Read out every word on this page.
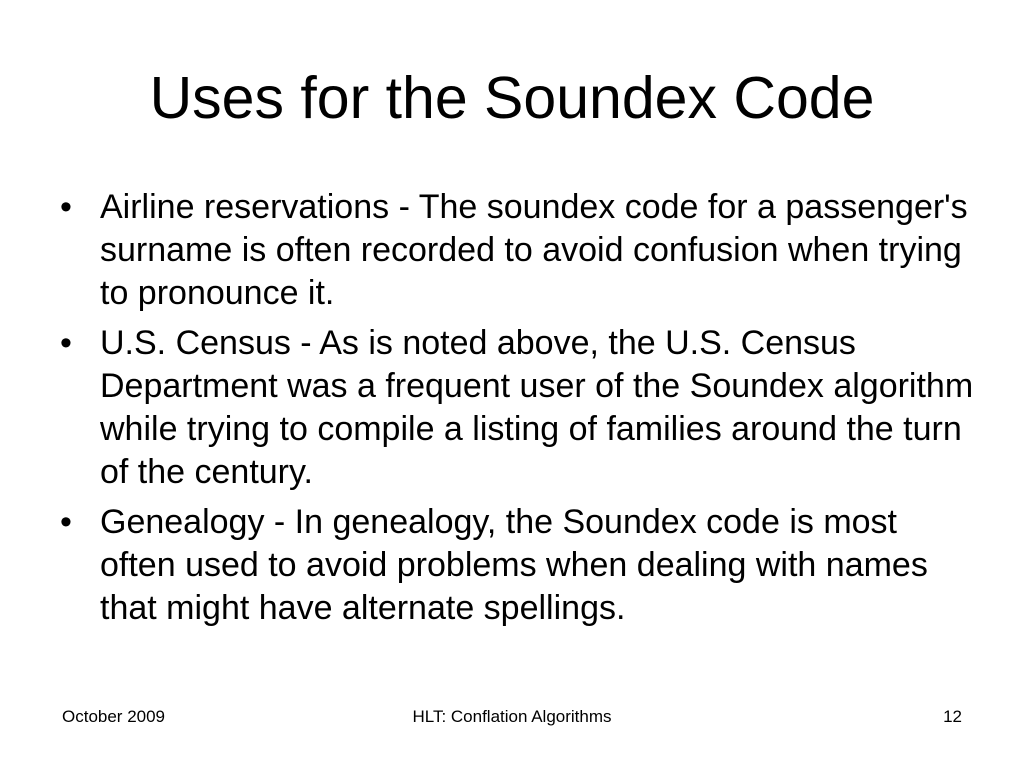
Uses for the Soundex Code
• Airline reservations - The soundex code for a passenger's surname is often recorded to avoid confusion when trying to pronounce it.
• U.S. Census - As is noted above, the U.S. Census Department was a frequent user of the Soundex algorithm while trying to compile a listing of families around the turn of the century.
• Genealogy - In genealogy, the Soundex code is most often used to avoid problems when dealing with names that might have alternate spellings.

October 2009	HLT: Conflation Algorithms	12
